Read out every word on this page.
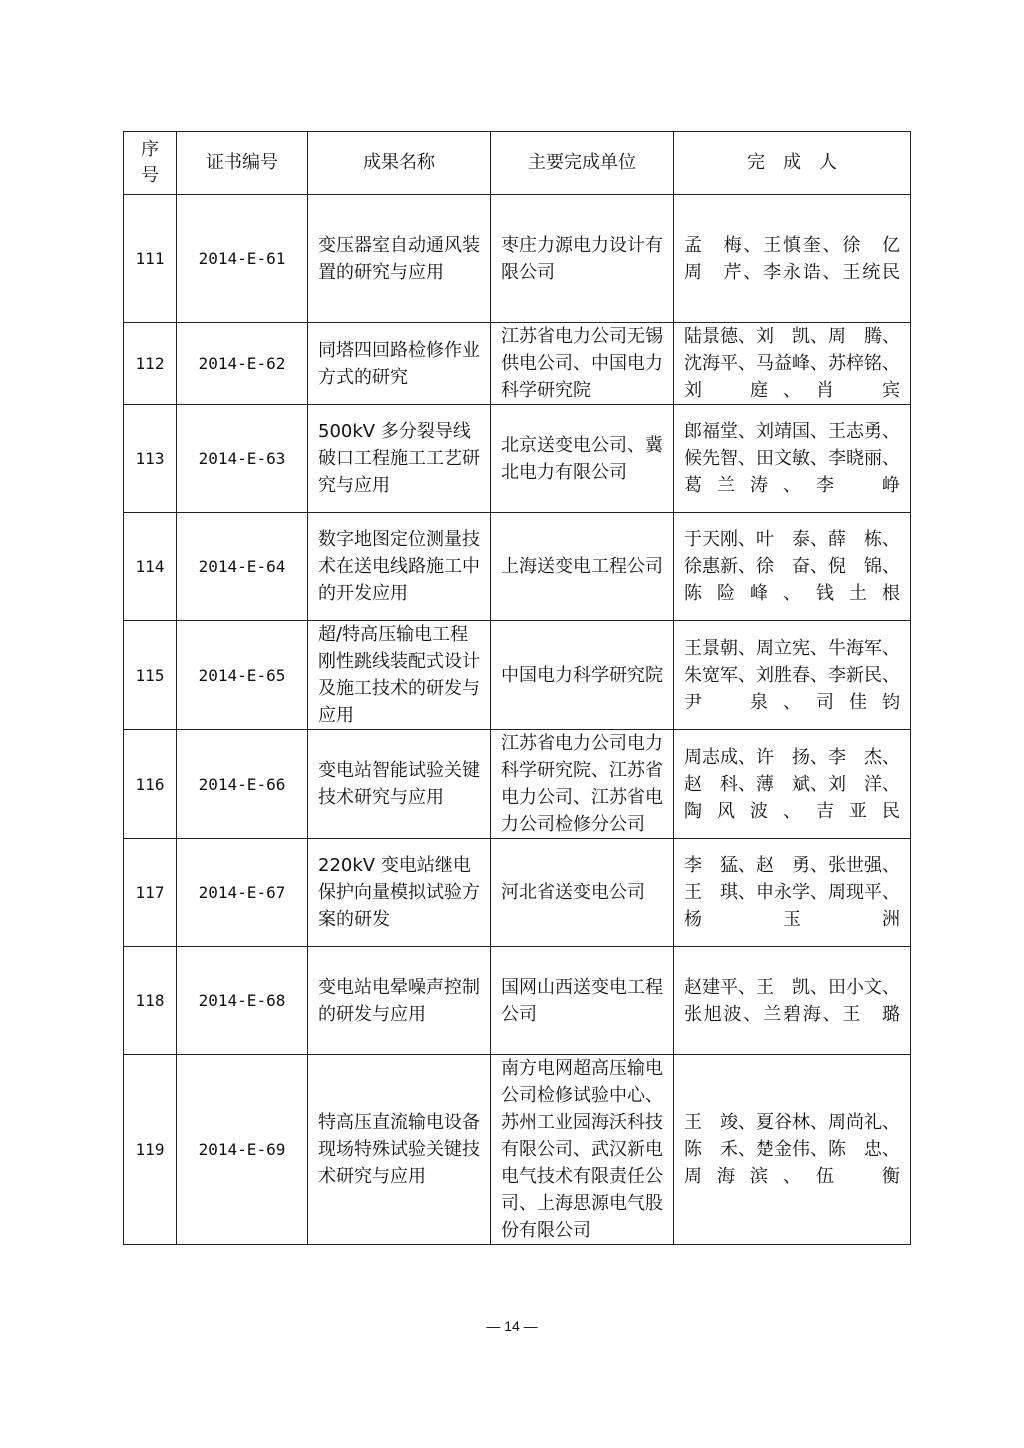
序号	证书编号	成果名称	主要完成单位	完　成　人
111	2014-E-61	变压器室自动通风装置的研究与应用	枣庄力源电力设计有限公司	孟　梅、王慎奎、徐　亿
周　芹、李永诰、王统民

112	2014-E-62	同塔四回路检修作业方式的研究	江苏省电力公司无锡供电公司、中国电力科学研究院	陆景德、刘　凯、周　腾、
沈海平、马益峰、苏梓铭、
刘　庭、肖　宾

113	2014-E-63	500kV 多分裂导线破口工程施工工艺研究与应用	北京送变电公司、冀北电力有限公司	郎福堂、刘靖国、王志勇、
候先智、田文敏、李晓丽、
葛兰涛、李　峥

114	2014-E-64	数字地图定位测量技术在送电线路施工中的开发应用	上海送变电工程公司	于天刚、叶　泰、薛　栋、
徐惠新、徐　奋、倪　锦、
陈险峰、钱土根

115	2014-E-65	超/特高压输电工程刚性跳线装配式设计及施工技术的研发与应用	中国电力科学研究院	王景朝、周立宪、牛海军、
朱宽军、刘胜春、李新民、
尹　泉、司佳钧

116	2014-E-66	变电站智能试验关键技术研究与应用	江苏省电力公司电力科学研究院、江苏省电力公司、江苏省电力公司检修分公司	周志成、许　扬、李　杰、
赵　科、薄　斌、刘　洋、
陶风波、吉亚民

117	2014-E-67	220kV 变电站继电保护向量模拟试验方案的研发	河北省送变电公司	李　猛、赵　勇、张世强、
王　琪、申永学、周现平、
杨玉洲

118	2014-E-68	变电站电晕噪声控制的研发与应用	国网山西送变电工程公司	赵建平、王　凯、田小文、
张旭波、兰碧海、王　璐

119	2014-E-69	特高压直流输电设备现场特殊试验关键技术研究与应用	南方电网超高压输电公司检修试验中心、苏州工业园海沃科技有限公司、武汉新电电气技术有限责任公司、上海思源电气股份有限公司	王　竣、夏谷林、周尚礼、
陈　禾、楚金伟、陈　忠、
周海滨、伍　衡
— 14 —
